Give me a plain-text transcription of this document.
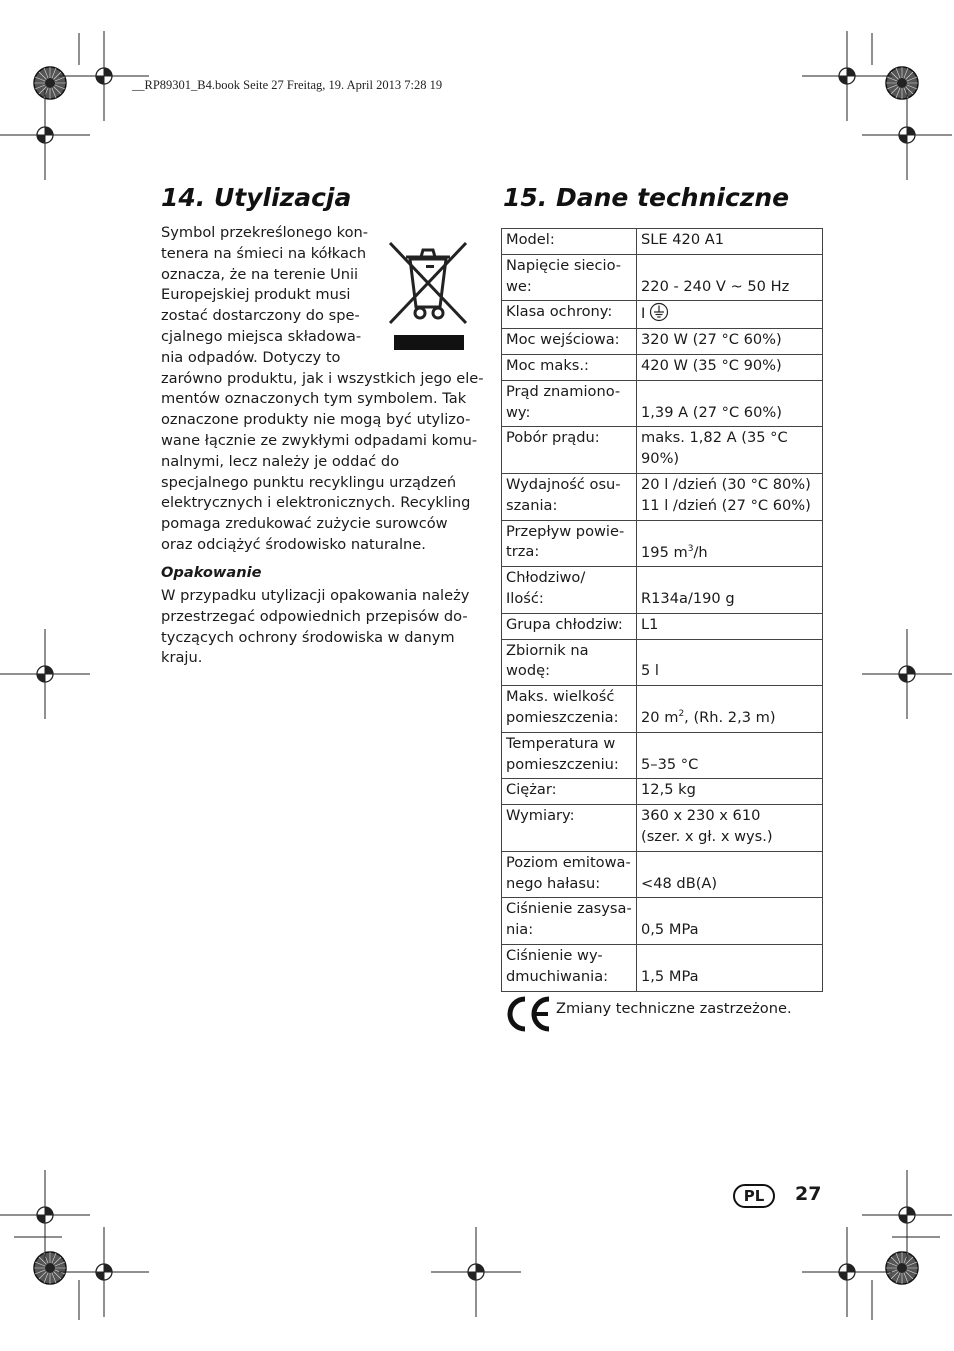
__RP89301_B4.book Seite 27 Freitag, 19. April 2013 7:28 19
14. Utylizacja	15. Dane techniczne
Symbol przekreślonego kon-
tenera na śmieci na kółkach
oznacza, że na terenie Unii
Europejskiej produkt musi
zostać dostarczony do spe-
cjalnego miejsca składowa-
nia odpadów. Dotyczy to
zarówno produktu, jak i wszystkich jego ele-
mentów oznaczonych tym symbolem. Tak
oznaczone produkty nie mogą być utylizo-
wane łącznie ze zwykłymi odpadami komu-
nalnymi, lecz należy je oddać do
specjalnego punktu recyklingu urządzeń
elektrycznych i elektronicznych. Recykling
pomaga zredukować zużycie surowców
oraz odciążyć środowisko naturalne.
Opakowanie
W przypadku utylizacji opakowania należy
przestrzegać odpowiednich przepisów do-
tyczących ochrony środowiska w danym
kraju.
Model:	SLE 420 A1

Napięcie siecio-
we:	220 - 240 V ~ 50 Hz
Klasa ochrony:	I
Moc wejściowa:	320 W (27 °C 60%)
Moc maks.:	420 W (35 °C 90%)

Prąd znamiono-
wy:	1,39 A (27 °C 60%)
Pobór prądu:	maks. 1,82 A (35 °C
90%)

Wydajność osu-
szania:	20 l /dzień (30 °C 80%)
11 l /dzień (27 °C 60%)

Przepływ powie-
trza:	195 $m^3/h$

Chłodziwo/
Ilość:	R134a/190 g
Grupa chłodziw:	L1
Zbiornik na wodę:	5 l

Maks. wielkość
pomieszczenia:	20 $m^2$, (Rh. 2,3 m)

Temperatura w
pomieszczeniu:	5–35 °C
Ciężar:	12,5 kg
Wymiary:	360 x 230 x 610
(szer. x gł. x wys.)

Poziom emitowa-
nego hałasu:	<48 dB(A)

Ciśnienie zasysa-
nia:	0,5 MPa

Ciśnienie wy-
dmuchiwania:	1,5 MPa
Zmiany techniczne zastrzeżone.
PL	27
